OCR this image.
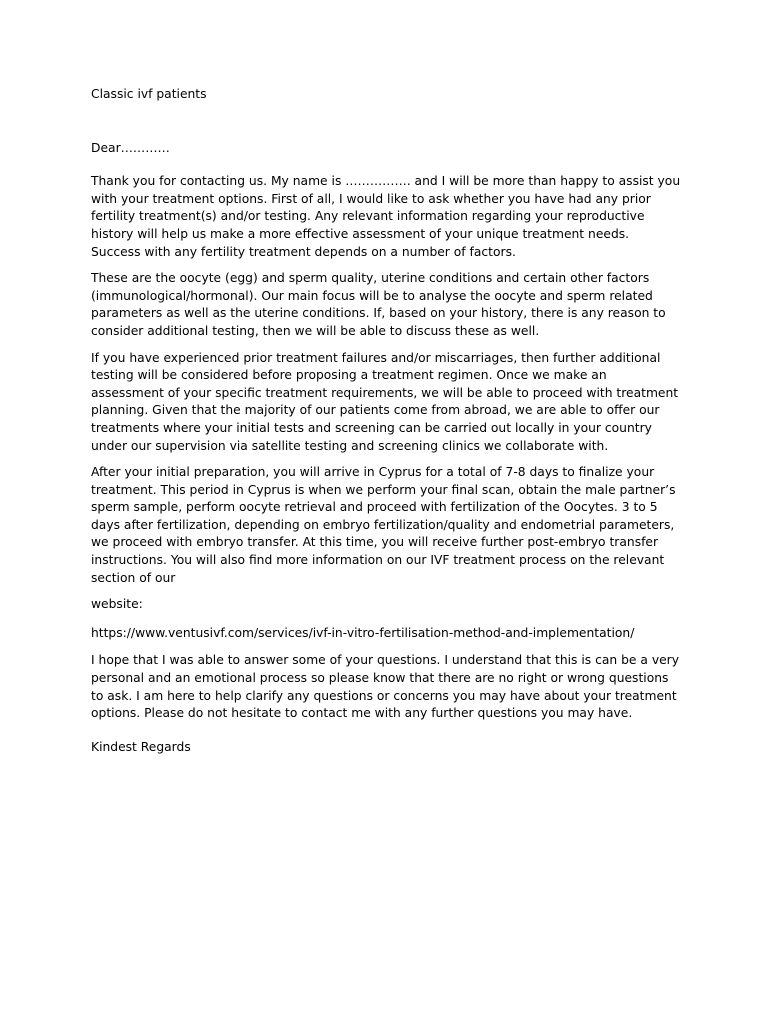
Classic ivf patients

Dear…………

Thank you for contacting us. My name is ……………. and I will be more than happy to assist you with your treatment options. First of all, I would like to ask whether you have had any prior fertility treatment(s) and/or testing. Any relevant information regarding your reproductive history will help us make a more effective assessment of your unique treatment needs. Success with any fertility treatment depends on a number of factors.

These are the oocyte (egg) and sperm quality, uterine conditions and certain other factors (immunological/hormonal). Our main focus will be to analyse the oocyte and sperm related parameters as well as the uterine conditions. If, based on your history, there is any reason to consider additional testing, then we will be able to discuss these as well.

If you have experienced prior treatment failures and/or miscarriages, then further additional testing will be considered before proposing a treatment regimen. Once we make an assessment of your specific treatment requirements, we will be able to proceed with treatment planning. Given that the majority of our patients come from abroad, we are able to offer our treatments where your initial tests and screening can be carried out locally in your country under our supervision via satellite testing and screening clinics we collaborate with.

After your initial preparation, you will arrive in Cyprus for a total of 7-8 days to finalize your treatment. This period in Cyprus is when we perform your final scan, obtain the male partner’s sperm sample, perform oocyte retrieval and proceed with fertilization of the Oocytes. 3 to 5 days after fertilization, depending on embryo fertilization/quality and endometrial parameters, we proceed with embryo transfer. At this time, you will receive further post-embryo transfer instructions. You will also find more information on our IVF treatment process on the relevant section of our

website:

https://www.ventusivf.com/services/ivf-in-vitro-fertilisation-method-and-implementation/

I hope that I was able to answer some of your questions. I understand that this is can be a very personal and an emotional process so please know that there are no right or wrong questions to ask. I am here to help clarify any questions or concerns you may have about your treatment options. Please do not hesitate to contact me with any further questions you may have.

Kindest Regards
